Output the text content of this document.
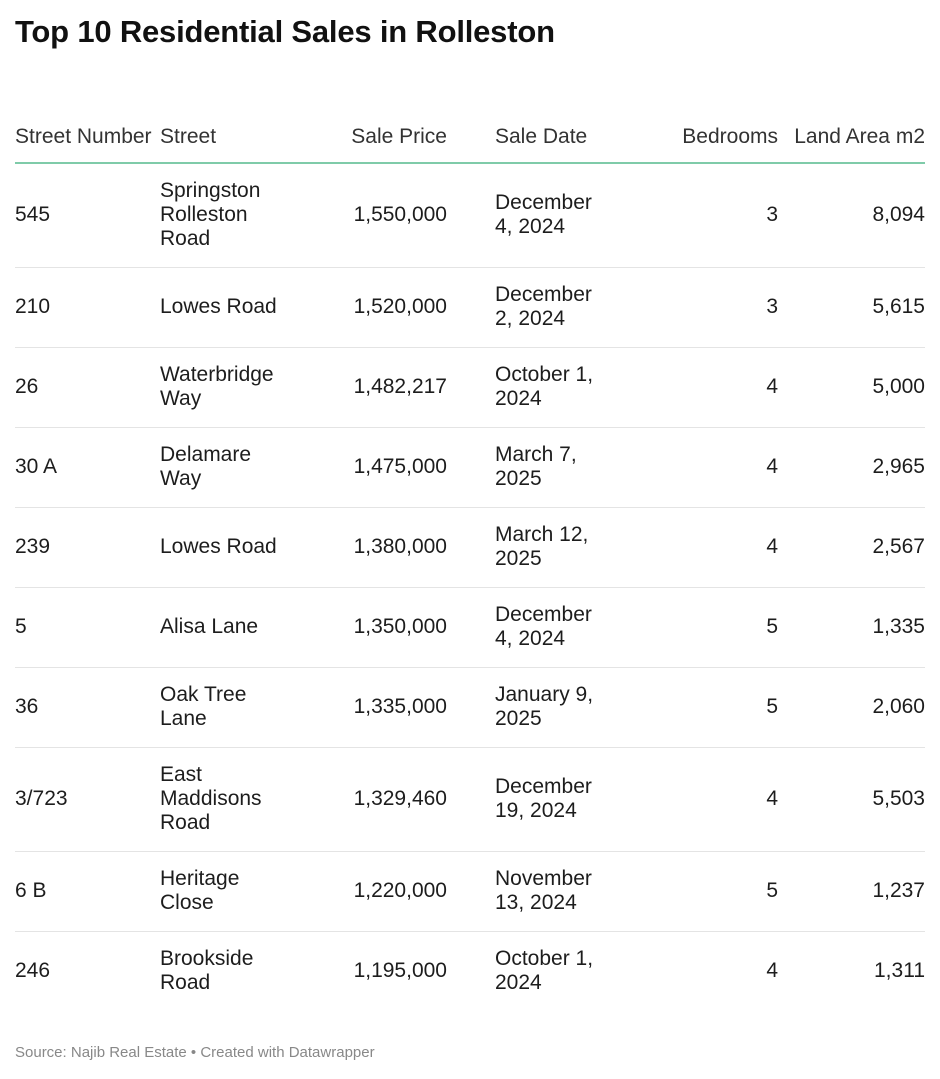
Top 10 Residential Sales in Rolleston
Street Number	Street	Sale Price	Sale Date	Bedrooms	Land Area m2
545	Springston Rolleston Road	1,550,000	December 4, 2024	3	8,094
210	Lowes Road	1,520,000	December 2, 2024	3	5,615
26	Waterbridge Way	1,482,217	October 1, 2024	4	5,000
30 A	Delamare Way	1,475,000	March 7, 2025	4	2,965
239	Lowes Road	1,380,000	March 12, 2025	4	2,567
5	Alisa Lane	1,350,000	December 4, 2024	5	1,335
36	Oak Tree Lane	1,335,000	January 9, 2025	5	2,060
3/723	East Maddisons Road	1,329,460	December 19, 2024	4	5,503
6 B	Heritage Close	1,220,000	November 13, 2024	5	1,237
246	Brookside Road	1,195,000	October 1, 2024	4	1,311
Source: Najib Real Estate • Created with Datawrapper
